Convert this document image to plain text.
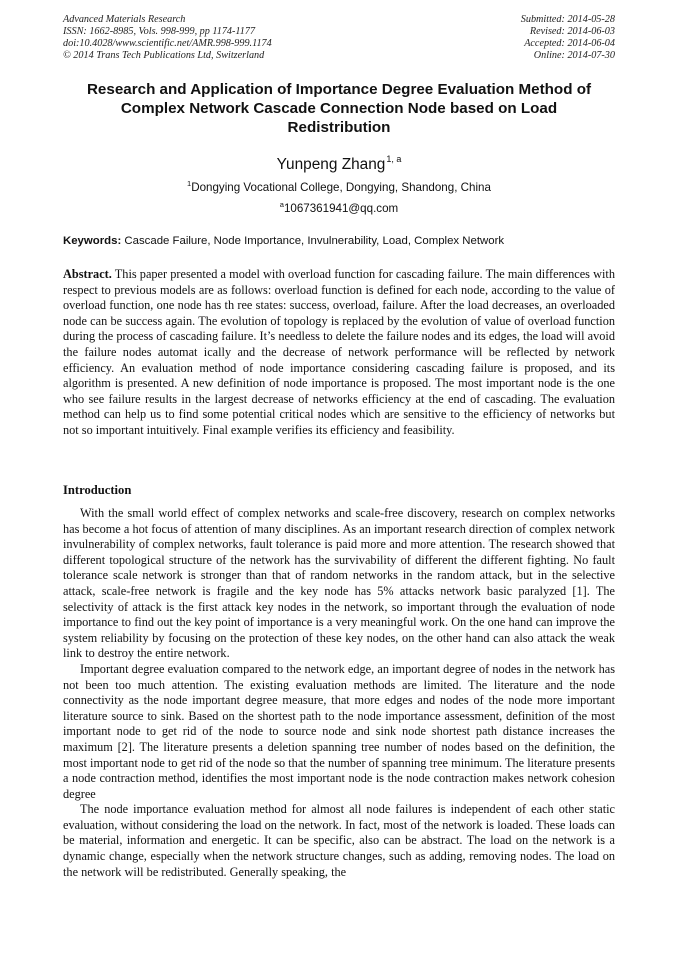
Advanced Materials Research
ISSN: 1662-8985, Vols. 998-999, pp 1174-1177
doi:10.4028/www.scientific.net/AMR.998-999.1174
© 2014 Trans Tech Publications Ltd, Switzerland
Submitted: 2014-05-28
Revised: 2014-06-03
Accepted: 2014-06-04
Online: 2014-07-30
Research and Application of Importance Degree Evaluation Method of Complex Network Cascade Connection Node based on Load Redistribution
Yunpeng Zhang$^{1, a}$
$^1$Dongying Vocational College, Dongying, Shandong, China
$^a$1067361941@qq.com
Keywords: Cascade Failure, Node Importance, Invulnerability, Load, Complex Network
Abstract. This paper presented a model with overload function for cascading failure. The main differences with respect to previous models are as follows: overload function is defined for each node, according to the value of overload function, one node has th ree states: success, overload, failure. After the load decreases, an overloaded node can be success again. The evolution of topology is replaced by the evolution of value of overload function during the process of cascading failure. It’s needless to delete the failure nodes and its edges, the load will avoid the failure nodes automat ically and the decrease of network performance will be reflected by network efficiency. An evaluation method of node importance considering cascading failure is proposed, and its algorithm is presented. A new definition of node importance is proposed. The most important node is the one who see failure results in the largest decrease of networks efficiency at the end of cascading. The evaluation method can help us to find some potential critical nodes which are sensitive to the efficiency of networks but not so important intuitively. Final example verifies its efficiency and feasibility.
Introduction

With the small world effect of complex networks and scale-free discovery, research on complex networks has become a hot focus of attention of many disciplines. As an important research direction of complex network invulnerability of complex networks, fault tolerance is paid more and more attention. The research showed that different topological structure of the network has the survivability of different the different fighting. No fault tolerance scale network is stronger than that of random networks in the random attack, but in the selective attack, scale-free network is fragile and the key node has 5% attacks network basic paralyzed [1]. The selectivity of attack is the first attack key nodes in the network, so important through the evaluation of node importance to find out the key point of importance is a very meaningful work. On the one hand can improve the system reliability by focusing on the protection of these key nodes, on the other hand can also attack the weak link to destroy the entire network.

Important degree evaluation compared to the network edge, an important degree of nodes in the network has not been too much attention. The existing evaluation methods are limited. The literature and the node connectivity as the node important degree measure, that more edges and nodes of the node more important literature source to sink. Based on the shortest path to the node importance assessment, definition of the most important node to get rid of the node to source node and sink node shortest path distance increases the maximum [2]. The literature presents a deletion spanning tree number of nodes based on the definition, the most important node to get rid of the node so that the number of spanning tree minimum. The literature presents a node contraction method, identifies the most important node is the node contraction makes network cohesion degree

The node importance evaluation method for almost all node failures is independent of each other static evaluation, without considering the load on the network. In fact, most of the network is loaded. These loads can be material, information and energetic. It can be specific, also can be abstract. The load on the network is a dynamic change, especially when the network structure changes, such as adding, removing nodes. The load on the network will be redistributed. Generally speaking, the
